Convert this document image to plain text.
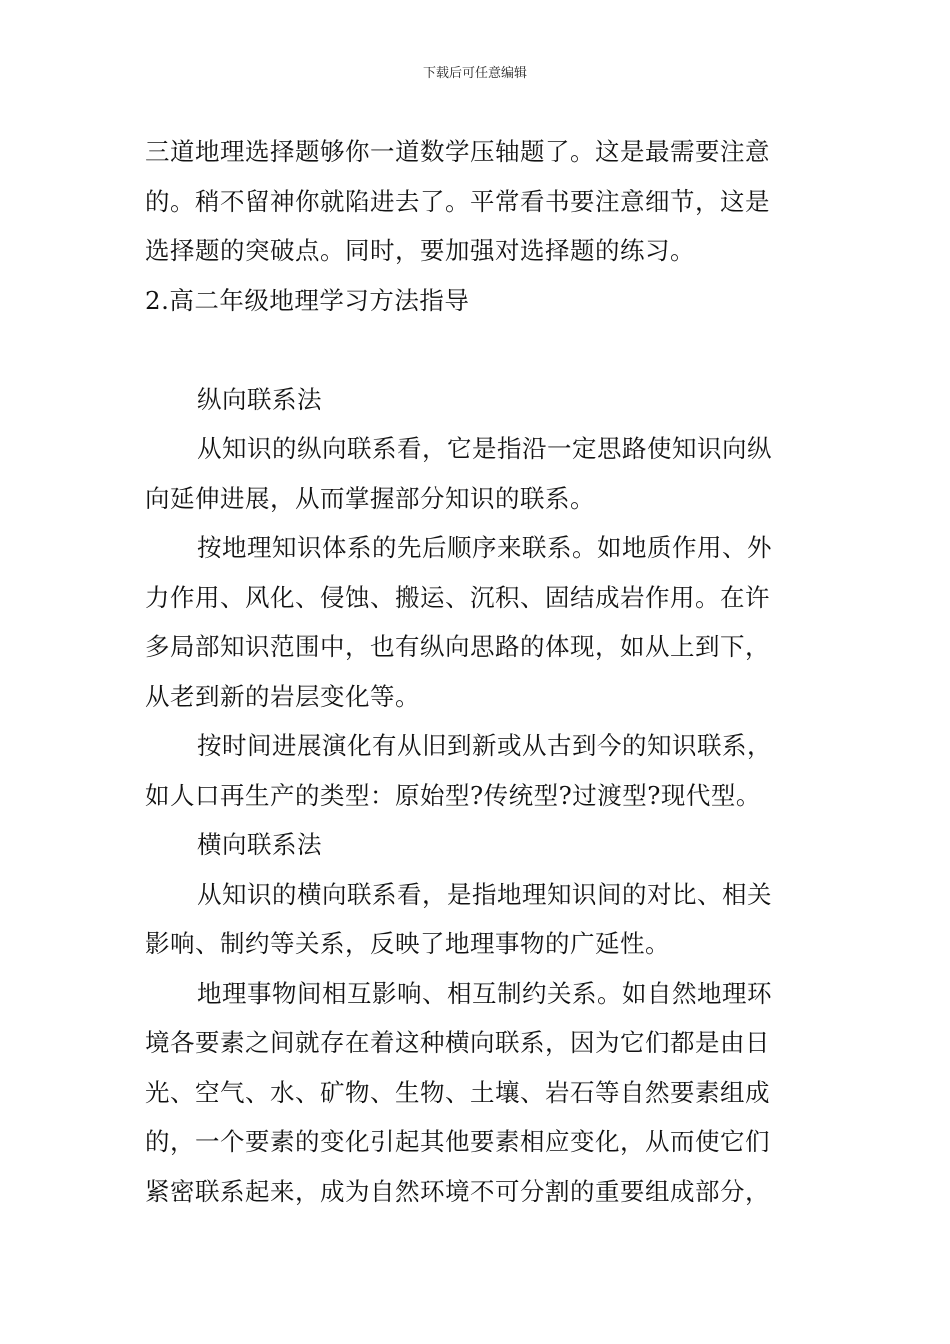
下载后可任意编辑
三道地理选择题够你一道数学压轴题了。这是最需要注意
的。稍不留神你就陷进去了。平常看书要注意细节，这是
选择题的突破点。同时，要加强对选择题的练习。
2.高二年级地理学习方法指导
纵向联系法
从知识的纵向联系看，它是指沿一定思路使知识向纵
向延伸进展，从而掌握部分知识的联系。
按地理知识体系的先后顺序来联系。如地质作用、外
力作用、风化、侵蚀、搬运、沉积、固结成岩作用。在许
多局部知识范围中，也有纵向思路的体现，如从上到下，
从老到新的岩层变化等。
按时间进展演化有从旧到新或从古到今的知识联系，
如人口再生产的类型：原始型?传统型?过渡型?现代型。
横向联系法
从知识的横向联系看，是指地理知识间的对比、相关
影响、制约等关系，反映了地理事物的广延性。
地理事物间相互影响、相互制约关系。如自然地理环
境各要素之间就存在着这种横向联系，因为它们都是由日
光、空气、水、矿物、生物、土壤、岩石等自然要素组成
的，一个要素的变化引起其他要素相应变化，从而使它们
紧密联系起来，成为自然环境不可分割的重要组成部分，
